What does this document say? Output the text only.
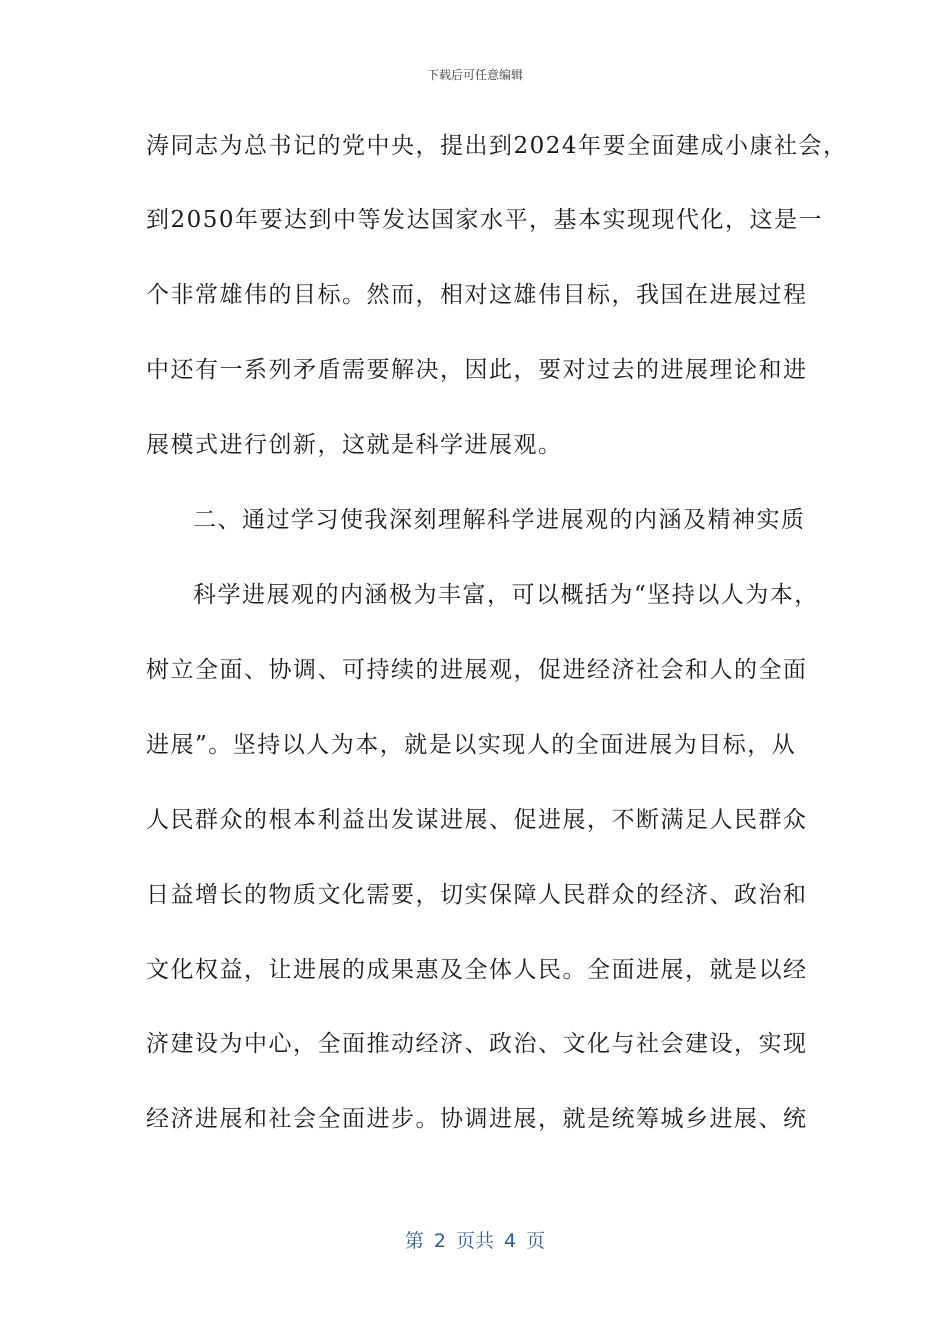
下载后可任意编辑
涛同志为总书记的党中央，提出到2024年要全面建成小康社会，
到2050年要达到中等发达国家水平，基本实现现代化，这是一
个非常雄伟的目标。然而，相对这雄伟目标，我国在进展过程
中还有一系列矛盾需要解决，因此，要对过去的进展理论和进
展模式进行创新，这就是科学进展观。
二、通过学习使我深刻理解科学进展观的内涵及精神实质
科学进展观的内涵极为丰富，可以概括为“坚持以人为本，
树立全面、协调、可持续的进展观，促进经济社会和人的全面
进展”。坚持以人为本，就是以实现人的全面进展为目标，从
人民群众的根本利益出发谋进展、促进展，不断满足人民群众
日益增长的物质文化需要，切实保障人民群众的经济、政治和
文化权益，让进展的成果惠及全体人民。全面进展，就是以经
济建设为中心，全面推动经济、政治、文化与社会建设，实现
经济进展和社会全面进步。协调进展，就是统筹城乡进展、统
第 2 页共 4 页
